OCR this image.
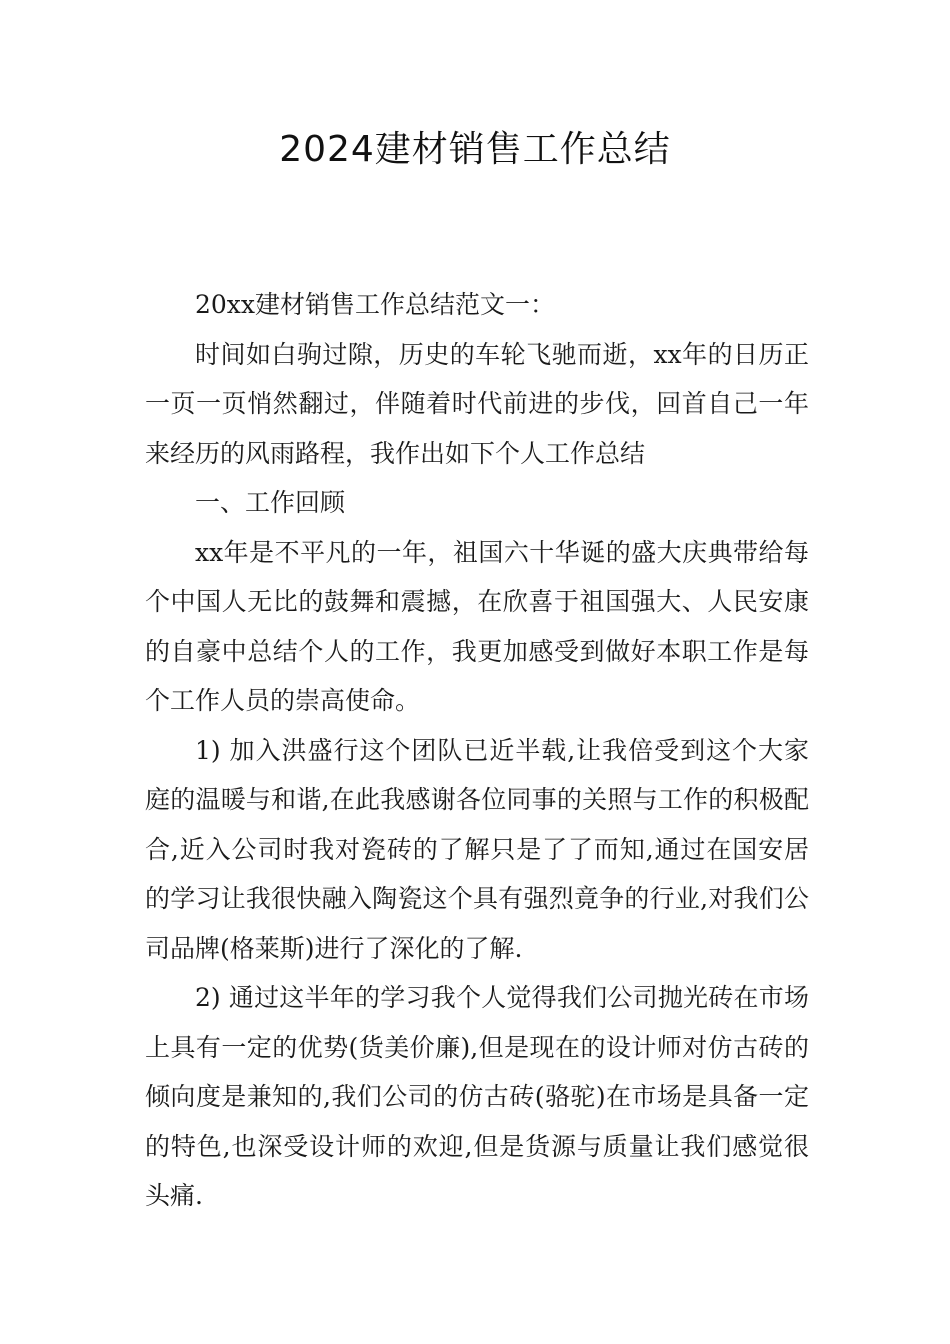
2024建材销售工作总结

20xx建材销售工作总结范文一：

时间如白驹过隙，历史的车轮飞驰而逝，xx年的日历正一页一页悄然翻过，伴随着时代前进的步伐，回首自己一年来经历的风雨路程，我作出如下个人工作总结

一、工作回顾

xx年是不平凡的一年，祖国六十华诞的盛大庆典带给每个中国人无比的鼓舞和震撼，在欣喜于祖国强大、人民安康的自豪中总结个人的工作，我更加感受到做好本职工作是每个工作人员的崇高使命。

1) 加入洪盛行这个团队已近半载,让我倍受到这个大家庭的温暖与和谐,在此我感谢各位同事的关照与工作的积极配合,近入公司时我对瓷砖的了解只是了了而知,通过在国安居的学习让我很快融入陶瓷这个具有强烈竟争的行业,对我们公司品牌(格莱斯)进行了深化的了解.

2) 通过这半年的学习我个人觉得我们公司抛光砖在市场上具有一定的优势(货美价廉),但是现在的设计师对仿古砖的倾向度是兼知的,我们公司的仿古砖(骆驼)在市场是具备一定的特色,也深受设计师的欢迎,但是货源与质量让我们感觉很头痛.
